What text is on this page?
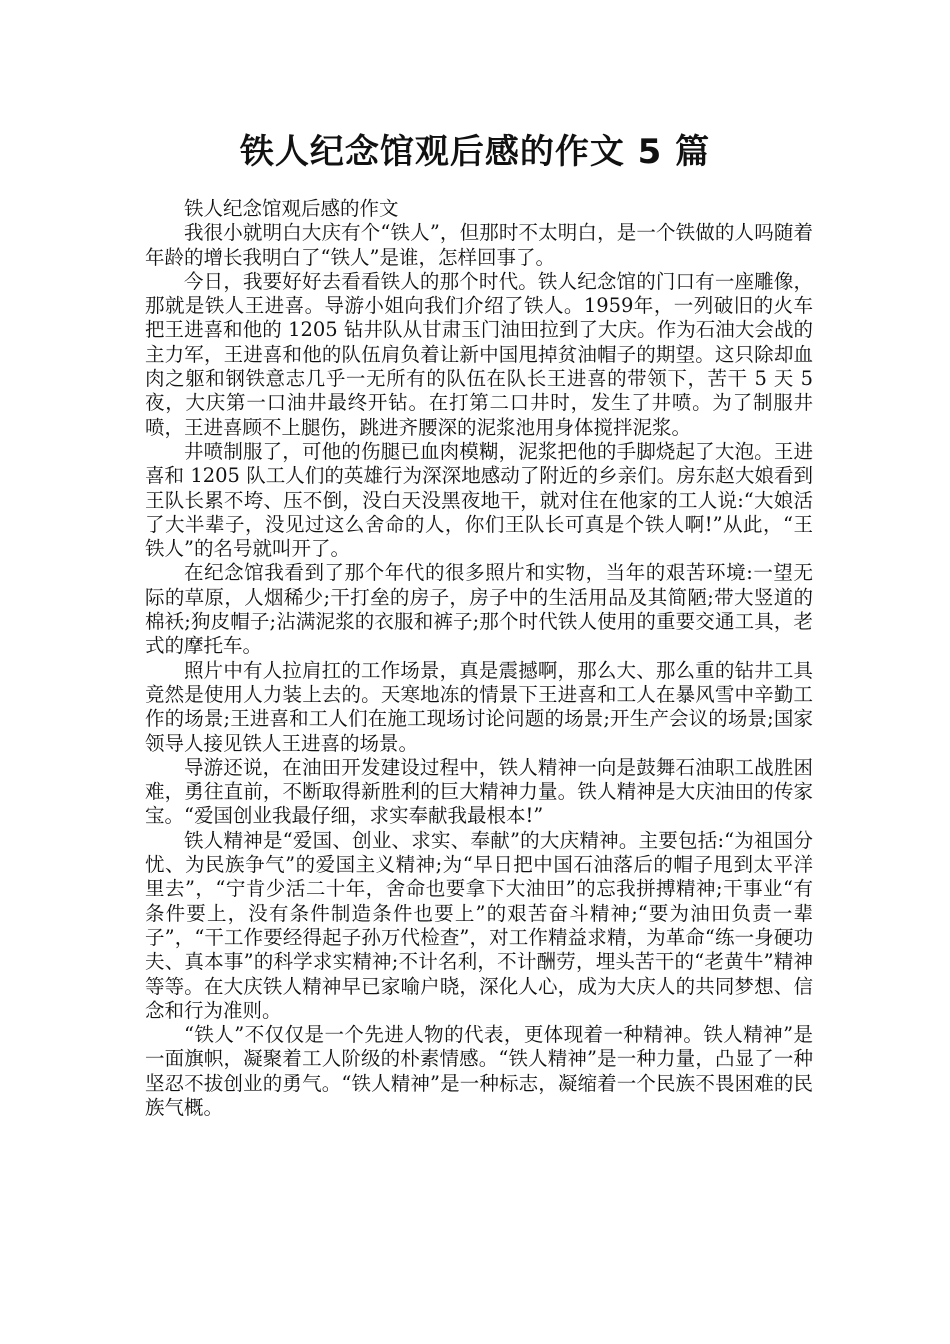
铁人纪念馆观后感的作文 5 篇

铁人纪念馆观后感的作文

我很小就明白大庆有个“铁人”，但那时不太明白，是一个铁做的人吗随着年龄的增长我明白了“铁人”是谁，怎样回事了。

今日，我要好好去看看铁人的那个时代。铁人纪念馆的门口有一座雕像，那就是铁人王进喜。导游小姐向我们介绍了铁人。1959年，一列破旧的火车把王进喜和他的 1205 钻井队从甘肃玉门油田拉到了大庆。作为石油大会战的主力军，王进喜和他的队伍肩负着让新中国甩掉贫油帽子的期望。这只除却血肉之躯和钢铁意志几乎一无所有的队伍在队长王进喜的带领下，苦干 5 天 5 夜，大庆第一口油井最终开钻。在打第二口井时，发生了井喷。为了制服井喷，王进喜顾不上腿伤，跳进齐腰深的泥浆池用身体搅拌泥浆。

井喷制服了，可他的伤腿已血肉模糊，泥浆把他的手脚烧起了大泡。王进喜和 1205 队工人们的英雄行为深深地感动了附近的乡亲们。房东赵大娘看到王队长累不垮、压不倒，没白天没黑夜地干，就对住在他家的工人说:“大娘活了大半辈子，没见过这么舍命的人，你们王队长可真是个铁人啊!”从此，“王铁人”的名号就叫开了。

在纪念馆我看到了那个年代的很多照片和实物，当年的艰苦环境:一望无际的草原，人烟稀少;干打垒的房子，房子中的生活用品及其简陋;带大竖道的棉袄;狗皮帽子;沾满泥浆的衣服和裤子;那个时代铁人使用的重要交通工具，老式的摩托车。

照片中有人拉肩扛的工作场景，真是震撼啊，那么大、那么重的钻井工具竟然是使用人力装上去的。天寒地冻的情景下王进喜和工人在暴风雪中辛勤工作的场景;王进喜和工人们在施工现场讨论问题的场景;开生产会议的场景;国家领导人接见铁人王进喜的场景。

导游还说，在油田开发建设过程中，铁人精神一向是鼓舞石油职工战胜困难，勇往直前，不断取得新胜利的巨大精神力量。铁人精神是大庆油田的传家宝。“爱国创业我最仔细，求实奉献我最根本!”

铁人精神是“爱国、创业、求实、奉献”的大庆精神。主要包括:“为祖国分忧、为民族争气”的爱国主义精神;为“早日把中国石油落后的帽子甩到太平洋里去”，“宁肯少活二十年，舍命也要拿下大油田”的忘我拼搏精神;干事业“有条件要上，没有条件制造条件也要上”的艰苦奋斗精神;“要为油田负责一辈子”，“干工作要经得起子孙万代检查”，对工作精益求精，为革命“练一身硬功夫、真本事”的科学求实精神;不计名利，不计酬劳，埋头苦干的“老黄牛”精神等等。在大庆铁人精神早已家喻户晓，深化人心，成为大庆人的共同梦想、信念和行为准则。

“铁人”不仅仅是一个先进人物的代表，更体现着一种精神。铁人精神”是一面旗帜，凝聚着工人阶级的朴素情感。“铁人精神”是一种力量，凸显了一种坚忍不拔创业的勇气。“铁人精神”是一种标志，凝缩着一个民族不畏困难的民族气概。
